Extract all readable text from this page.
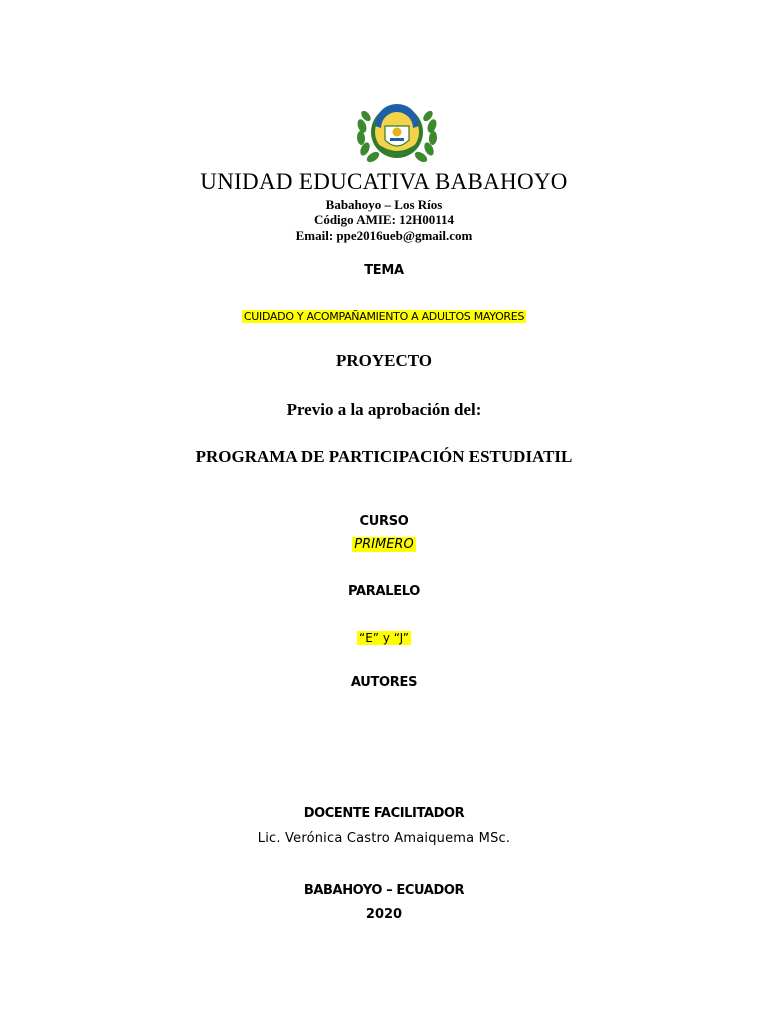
UNIDAD EDUCATIVA BABAHOYO
Babahoyo – Los Ríos
Código AMIE: 12H00114
Email: ppe2016ueb@gmail.com
TEMA
CUIDADO Y ACOMPAÑAMIENTO A ADULTOS MAYORES
PROYECTO
Previo a la aprobación del:
PROGRAMA DE PARTICIPACIÓN ESTUDIATIL
CURSO
PRIMERO
PARALELO
“E” y “J”
AUTORES
DOCENTE FACILITADOR
Lic. Verónica Castro Amaiquema MSc.
BABAHOYO – ECUADOR
2020
